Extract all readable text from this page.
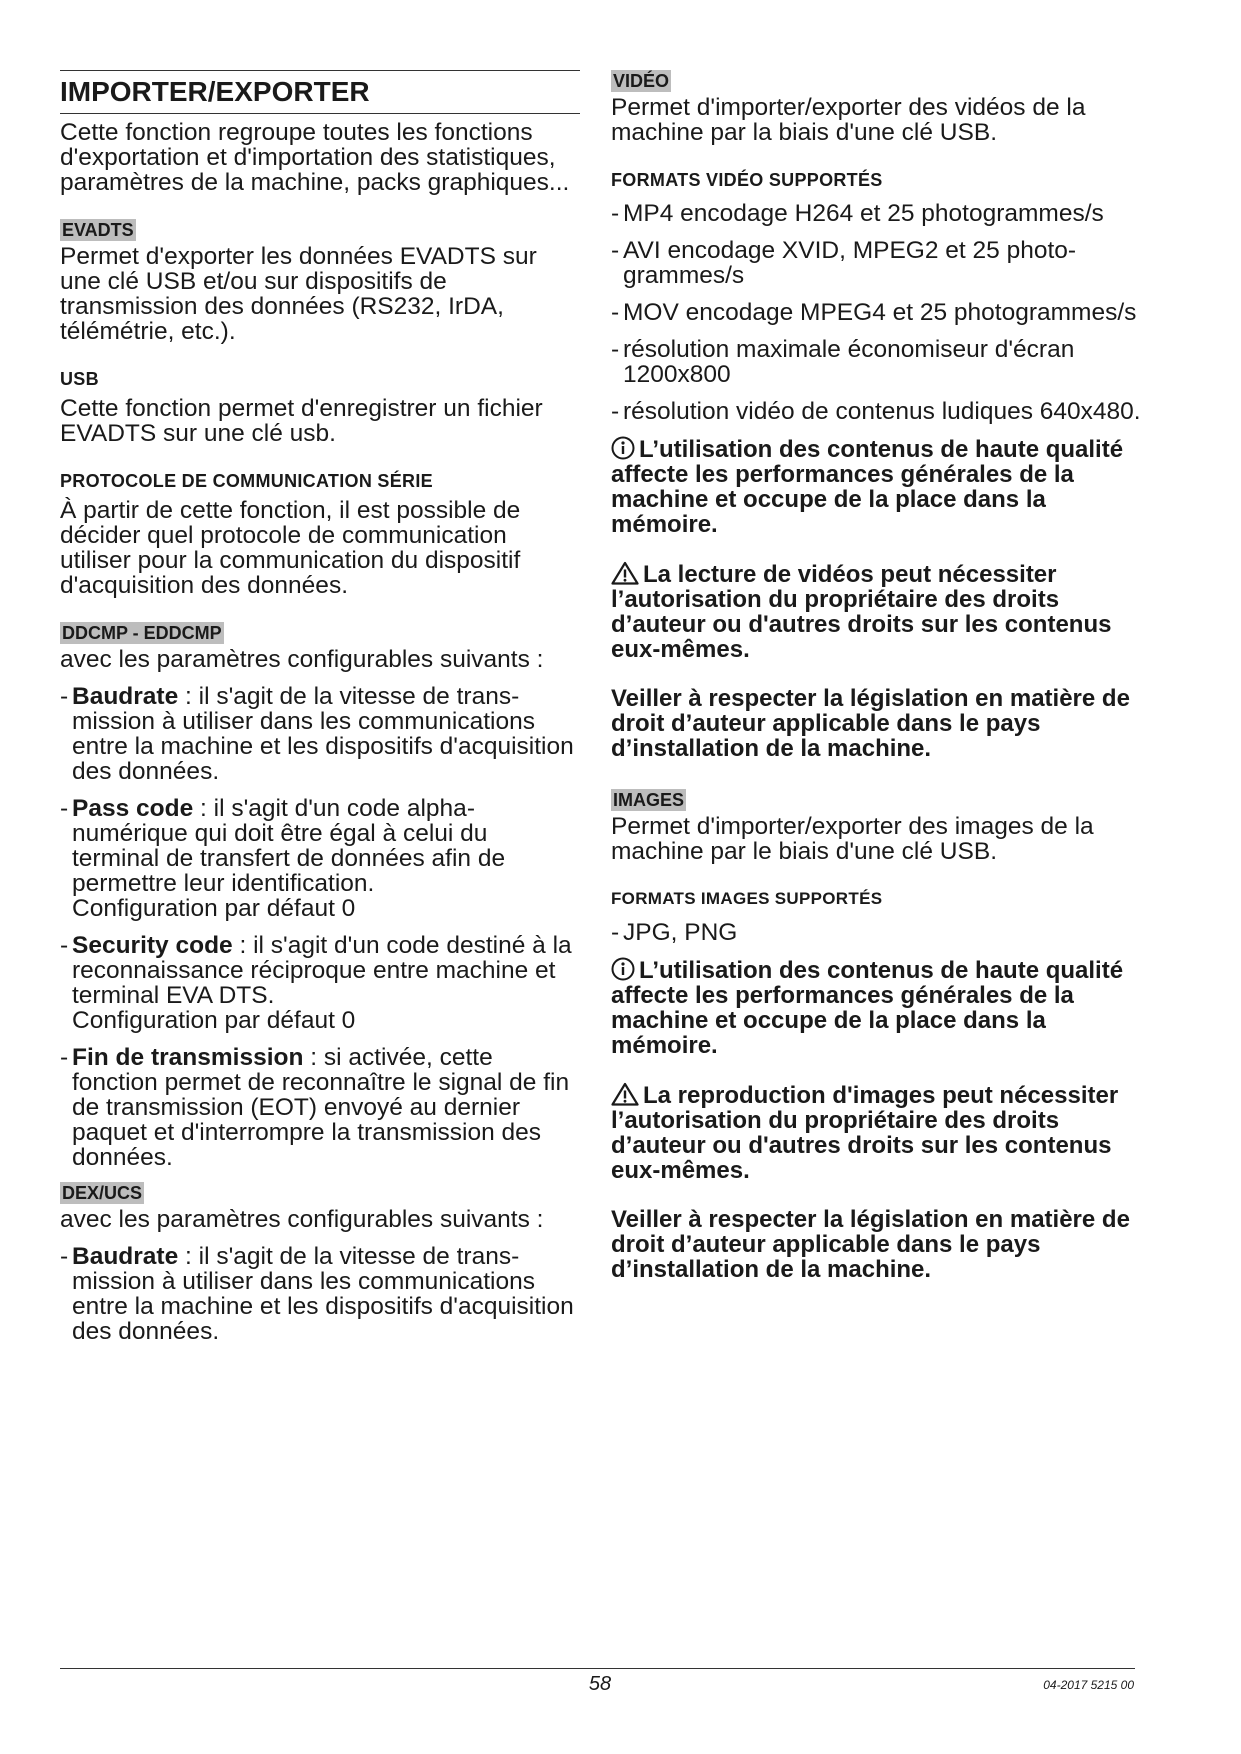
IMPORTER/EXPORTER

Cette fonction regroupe toutes les fonctions d'exportation et d'importation des statistiques, paramètres de la machine, packs graphiques...

EVADTS

Permet d'exporter les données EVADTS sur une clé USB et/ou sur dispositifs de transmission des données (RS232, IrDA, télémétrie, etc.).

USB

Cette fonction permet d'enregistrer un fichier EVADTS sur une clé usb.

PROTOCOLE DE COMMUNICATION SÉRIE

À partir de cette fonction, il est possible de décider quel protocole de communication utiliser pour la communication du dispositif d'acquisition des données.

DDCMP - EDDCMP

avec les paramètres configurables suivants :

- Baudrate : il s'agit de la vitesse de transmission à utiliser dans les communications entre la machine et les dispositifs d'acquisition des données.
- Pass code : il s'agit d'un code alphanumérique qui doit être égal à celui du terminal de transfert de données afin de permettre leur identification.
Configuration par défaut 0
- Security code : il s'agit d'un code destiné à la reconnaissance réciproque entre machine et terminal EVA DTS.
Configuration par défaut 0
- Fin de transmission : si activée, cette fonction permet de reconnaître le signal de fin de transmission (EOT) envoyé au dernier paquet et d'interrompre la transmission des données.
DEX/UCS

avec les paramètres configurables suivants :

- Baudrate : il s'agit de la vitesse de transmission à utiliser dans les communications entre la machine et les dispositifs d'acquisition des données.
VIDÉO

Permet d'importer/exporter des vidéos de la machine par la biais d'une clé USB.

FORMATS VIDÉO SUPPORTÉS
- MP4 encodage H264 et 25 photogrammes/s
- AVI encodage XVID, MPEG2 et 25 photogrammes/s
- MOV encodage MPEG4 et 25 photogrammes/s
- résolution maximale économiseur d'écran 1200x800
- résolution vidéo de contenus ludiques 640x480.
L’utilisation des contenus de haute qualité affecte les performances générales de la machine et occupe de la place dans la mémoire.
La lecture de vidéos peut nécessiter l’autorisation du propriétaire des droits d’auteur ou d'autres droits sur les contenus eux-mêmes.
Veiller à respecter la législation en matière de droit d’auteur applicable dans le pays d’installation de la machine.
IMAGES

Permet d'importer/exporter des images de la machine par le biais d'une clé USB.

FORMATS IMAGES SUPPORTÉS
- JPG, PNG
L’utilisation des contenus de haute qualité affecte les performances générales de la machine et occupe de la place dans la mémoire.
La reproduction d'images peut nécessiter l’autorisation du propriétaire des droits d’auteur ou d'autres droits sur les contenus eux-mêmes.
Veiller à respecter la législation en matière de droit d’auteur applicable dans le pays d’installation de la machine.
58	04-2017 5215 00
